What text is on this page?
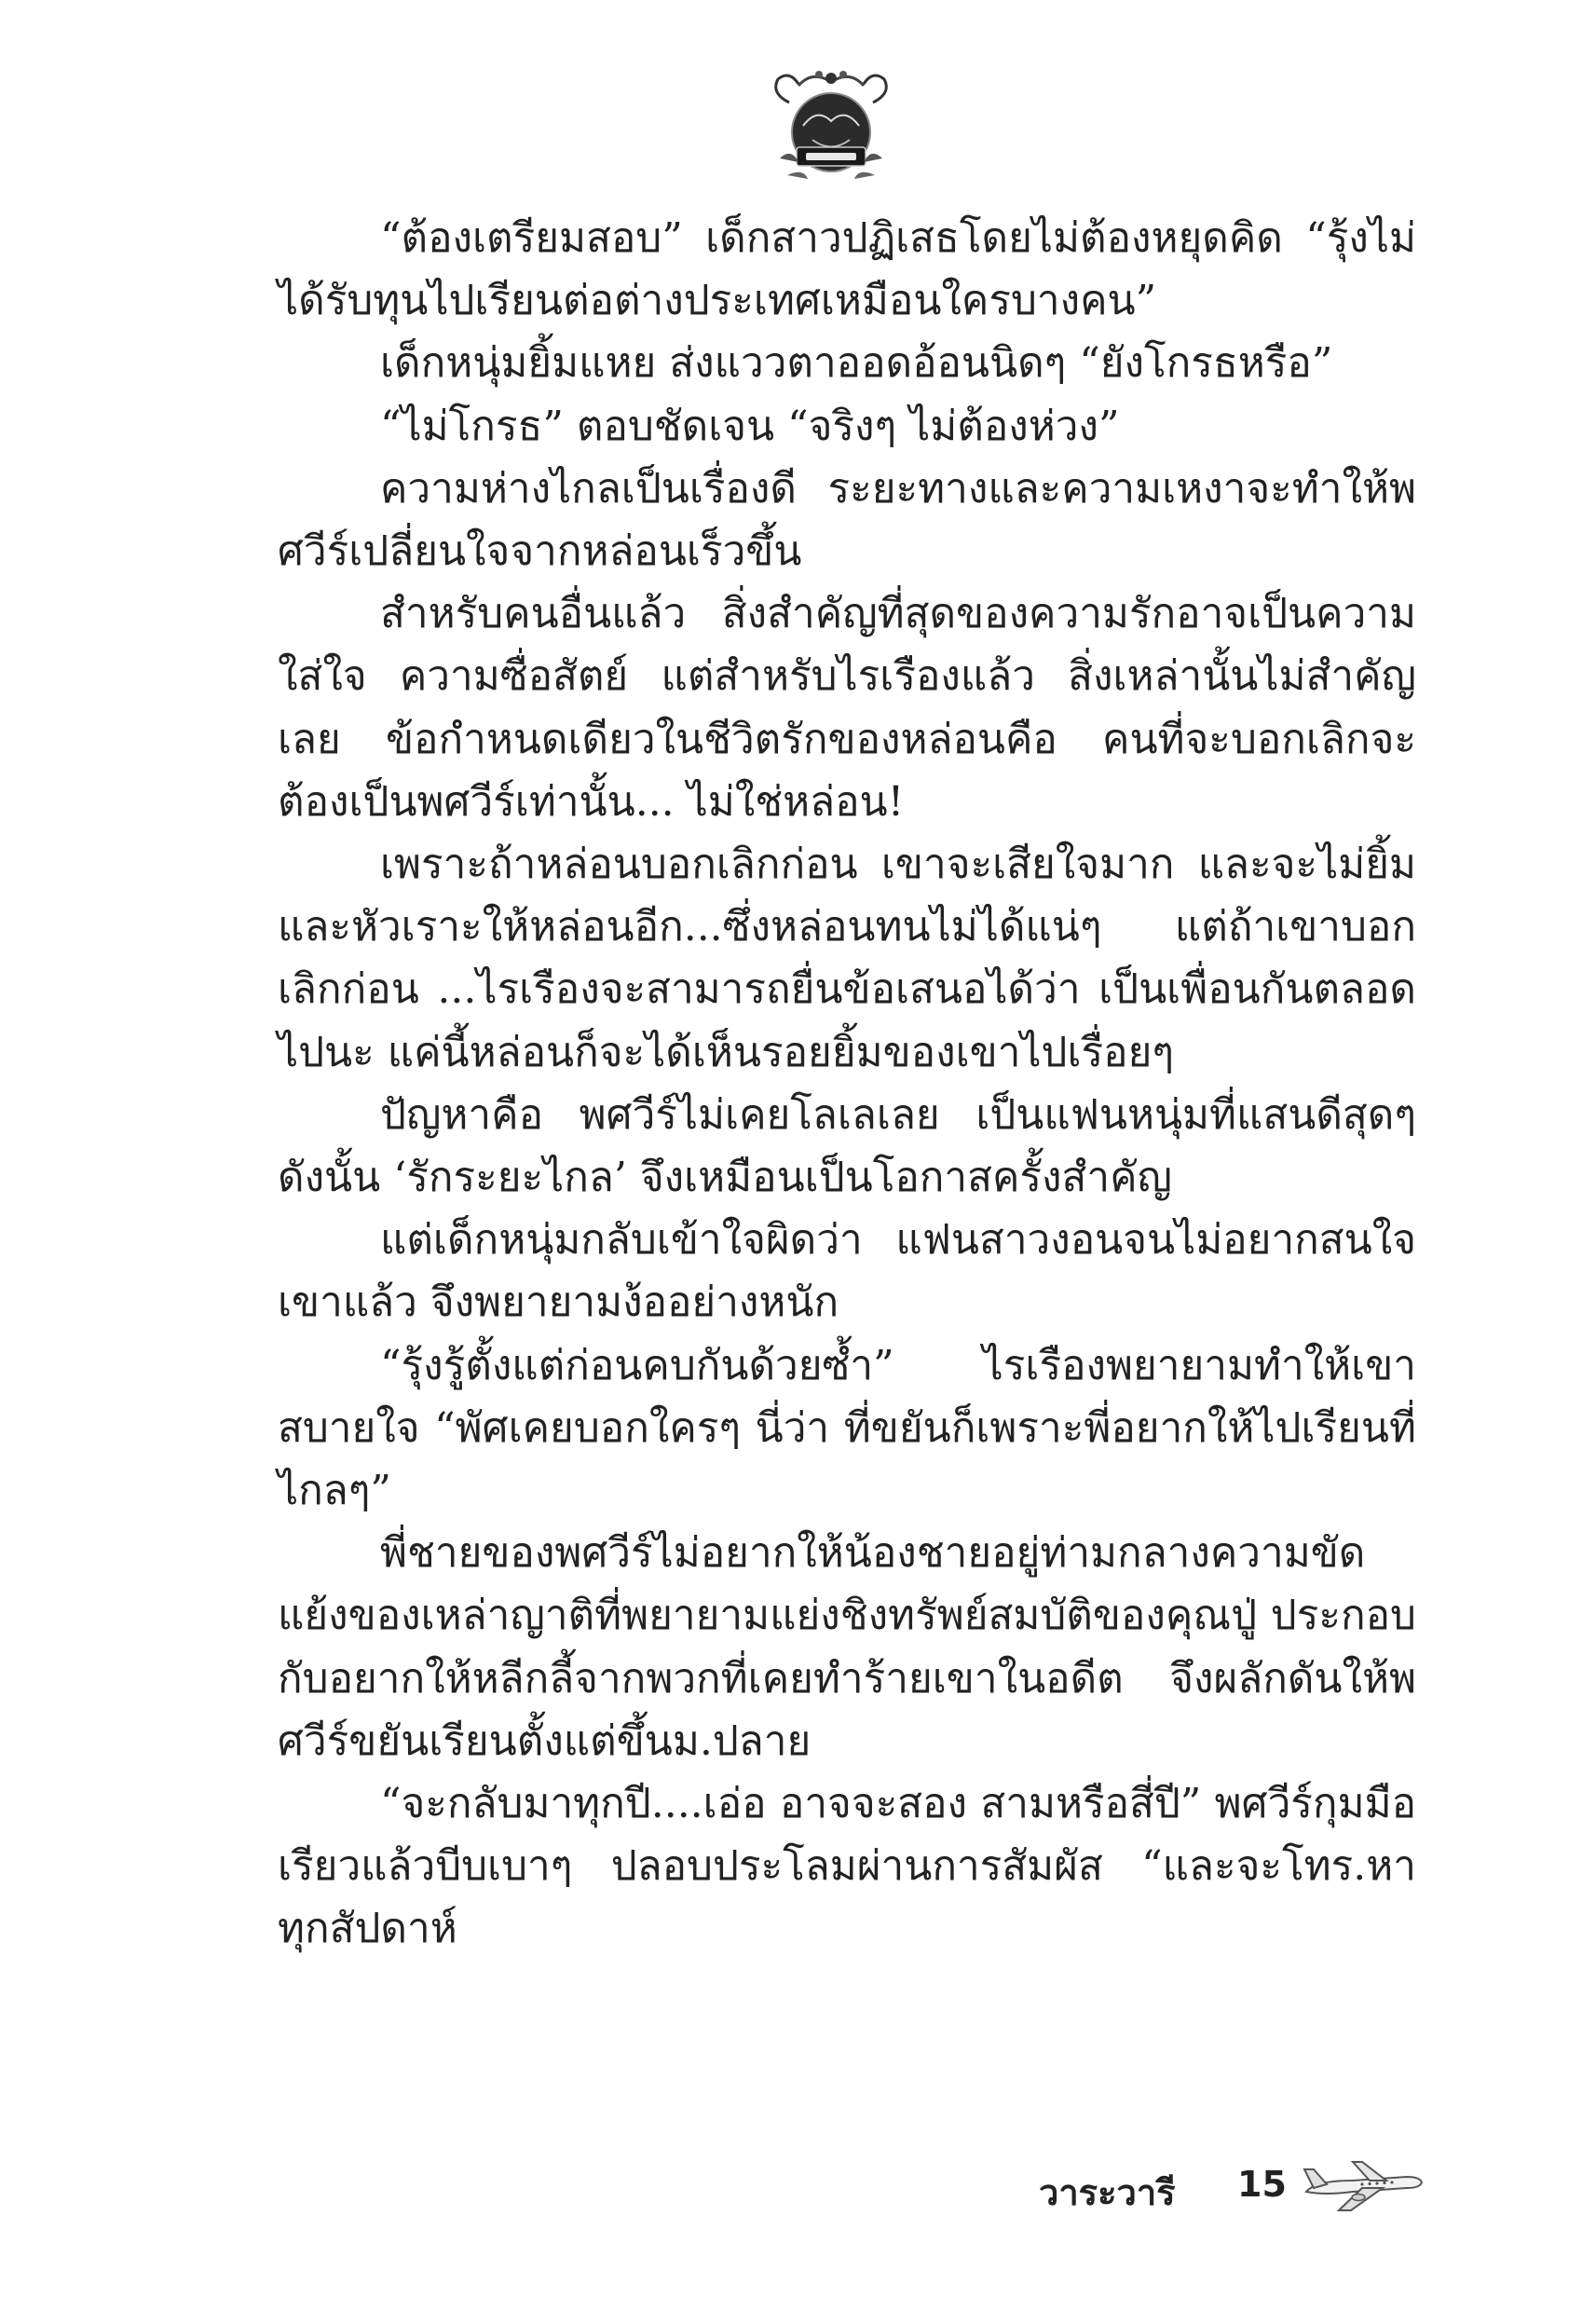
“ต้องเตรียมสอบ” เด็กสาวปฏิเสธโดยไม่ต้องหยุดคิด “รุ้งไม่ได้รับทุนไปเรียนต่อต่างประเทศเหมือนใครบางคน”

เด็กหนุ่มยิ้มแหย ส่งแววตาออดอ้อนนิดๆ “ยังโกรธหรือ”

“ไม่โกรธ” ตอบชัดเจน “จริงๆ ไม่ต้องห่วง”

ความห่างไกลเป็นเรื่องดี ระยะทางและความเหงาจะทำให้พศวีร์เปลี่ยนใจจากหล่อนเร็วขึ้น

สำหรับคนอื่นแล้ว สิ่งสำคัญที่สุดของความรักอาจเป็นความใส่ใจ ความซื่อสัตย์ แต่สำหรับไรเรืองแล้ว สิ่งเหล่านั้นไม่สำคัญเลย ข้อกำหนดเดียวในชีวิตรักของหล่อนคือ คนที่จะบอกเลิกจะต้องเป็นพศวีร์เท่านั้น... ไม่ใช่หล่อน!

เพราะถ้าหล่อนบอกเลิกก่อน เขาจะเสียใจมาก และจะไม่ยิ้มและหัวเราะให้หล่อนอีก...ซึ่งหล่อนทนไม่ได้แน่ๆ แต่ถ้าเขาบอกเลิกก่อน ...ไรเรืองจะสามารถยื่นข้อเสนอได้ว่า เป็นเพื่อนกันตลอดไปนะ แค่นี้หล่อนก็จะได้เห็นรอยยิ้มของเขาไปเรื่อยๆ

ปัญหาคือ พศวีร์ไม่เคยโลเลเลย เป็นแฟนหนุ่มที่แสนดีสุดๆ ดังนั้น ‘รักระยะไกล’ จึงเหมือนเป็นโอกาสครั้งสำคัญ

แต่เด็กหนุ่มกลับเข้าใจผิดว่า แฟนสาวงอนจนไม่อยากสนใจเขาแล้ว จึงพยายามง้ออย่างหนัก

“รุ้งรู้ตั้งแต่ก่อนคบกันด้วยซ้ำ” ไรเรืองพยายามทำให้เขาสบายใจ “พัศเคยบอกใครๆ นี่ว่า ที่ขยันก็เพราะพี่อยากให้ไปเรียนที่ไกลๆ”

พี่ชายของพศวีร์ไม่อยากให้น้องชายอยู่ท่ามกลางความขัดแย้งของเหล่าญาติที่พยายามแย่งชิงทรัพย์สมบัติของคุณปู่ ประกอบกับอยากให้หลีกลี้จากพวกที่เคยทำร้ายเขาในอดีต จึงผลักดันให้พศวีร์ขยันเรียนตั้งแต่ขึ้นม.ปลาย

“จะกลับมาทุกปี....เอ่อ อาจจะสอง สามหรือสี่ปี” พศวีร์กุมมือเรียวแล้วบีบเบาๆ ปลอบประโลมผ่านการสัมผัส “และจะโทร.หาทุกสัปดาห์

วาระวารี 15
